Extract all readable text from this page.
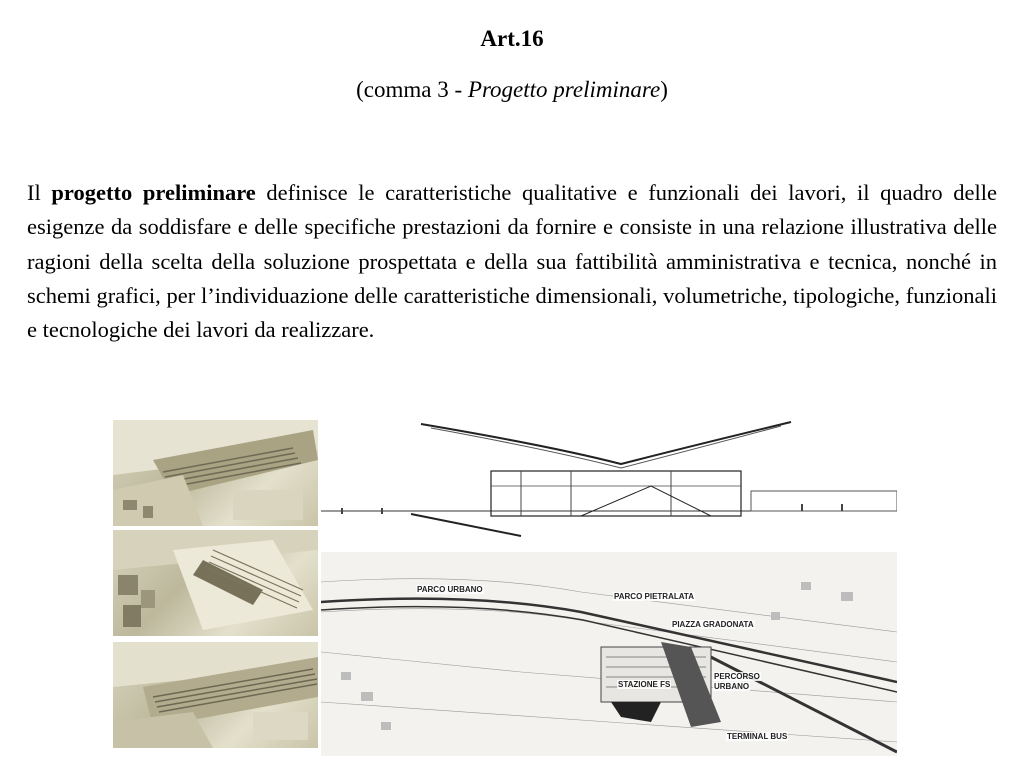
Art.16
(comma 3 - Progetto preliminare)
Il progetto preliminare definisce le caratteristiche qualitative e funzionali dei lavori, il quadro delle esigenze da soddisfare e delle specifiche prestazioni da fornire e consiste in una relazione illustrativa delle ragioni della scelta della soluzione prospettata e della sua fattibilità amministrativa e tecnica, nonché in schemi grafici, per l’individuazione delle caratteristiche dimensionali, volumetriche, tipologiche, funzionali e tecnologiche dei lavori da realizzare.
PARCO URBANO
PARCO PIETRALATA
PIAZZA GRADONATA
PERCORSO
URBANO
STAZIONE FS
TERMINAL BUS
